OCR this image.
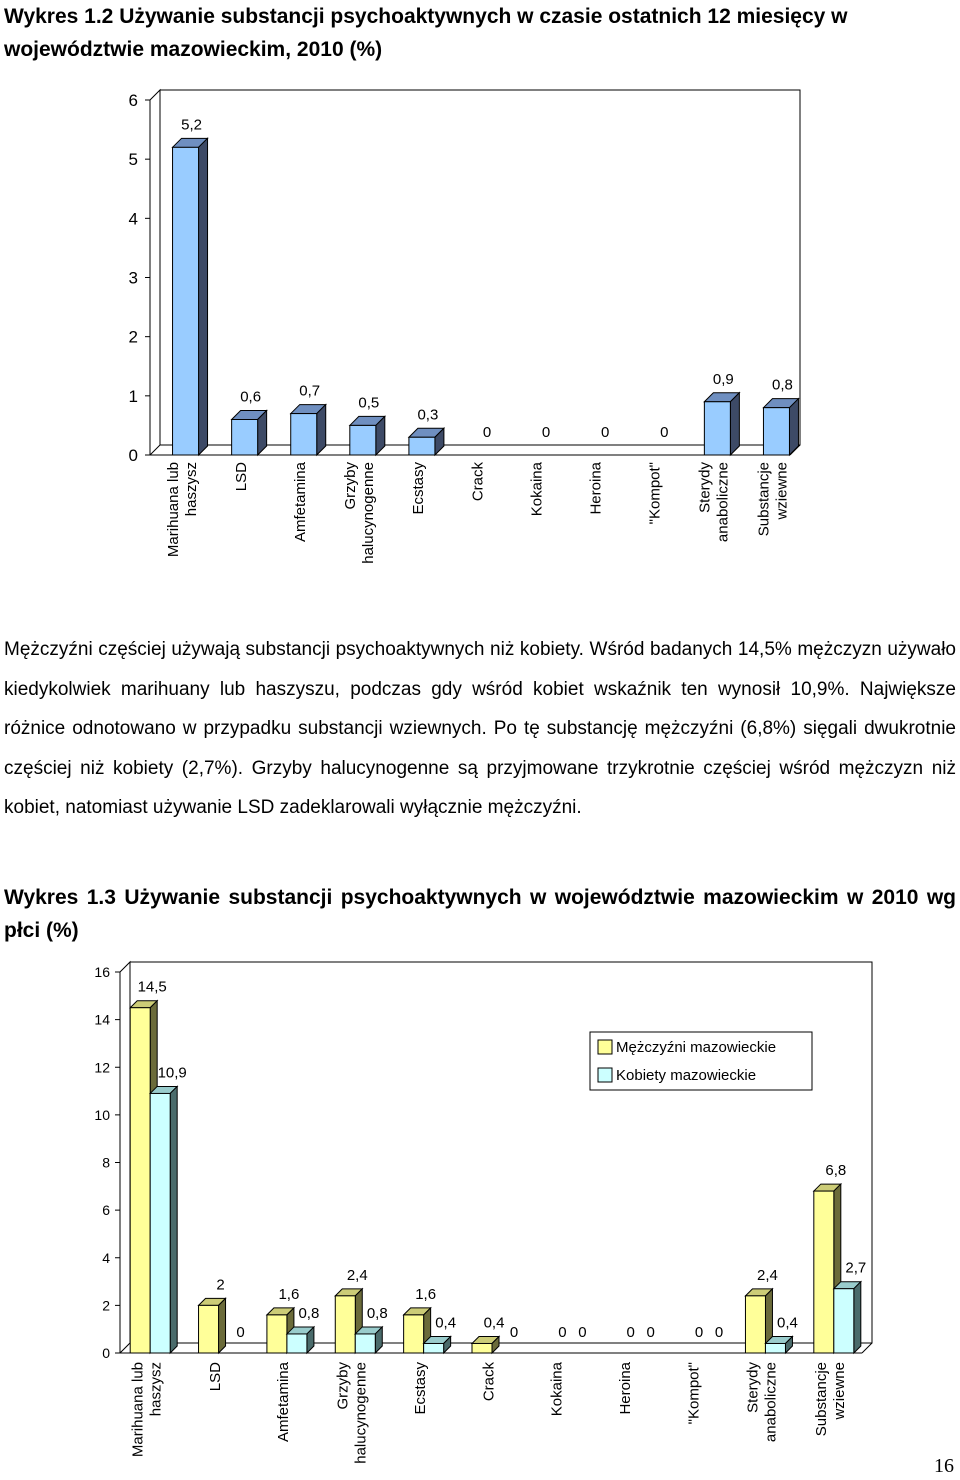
Wykres 1.2 Używanie substancji psychoaktywnych w czasie ostatnich 12 miesięcy w województwie mazowieckim, 2010 (%)
0
1
2
3
4
5
6
5,2
Marihuana lub haszysz
0,6
LSD
0,7
Amfetamina
0,5
Grzyby halucynogenne
0,3
Ecstasy
0
Crack
0
Kokaina
0
Heroina
0
"Kompot"
0,9
Sterydy anaboliczne
0,8
Substancje wziewne

Mężczyźni częściej używają substancji psychoaktywnych niż kobiety. Wśród badanych 14,5% mężczyzn używało kiedykolwiek marihuany lub haszyszu, podczas gdy wśród kobiet wskaźnik ten wynosił 10,9%. Największe różnice odnotowano w przypadku substancji wziewnych. Po tę substancję mężczyźni (6,8%) sięgali dwukrotnie częściej niż kobiety (2,7%). Grzyby halucynogenne są przyjmowane trzykrotnie częściej wśród mężczyzn niż kobiet, natomiast używanie LSD zadeklarowali wyłącznie mężczyźni.

Wykres 1.3 Używanie substancji psychoaktywnych w województwie mazowieckim w 2010 wg płci (%)
0
2
4
6
8
10
12
14
16
14,5
10,9
Marihuana lub haszysz
2
0
LSD
1,6
0,8
Amfetamina
2,4
0,8
Grzyby halucynogenne
1,6
0,4
Ecstasy
0,4
0
Crack
0 0
Kokaina
0 0
Heroina
0 0
"Kompot"
2,4
0,4
Sterydy anaboliczne
6,8
2,7
Substancje wziewne
Mężczyźni mazowieckie
Kobiety mazowieckie
16
